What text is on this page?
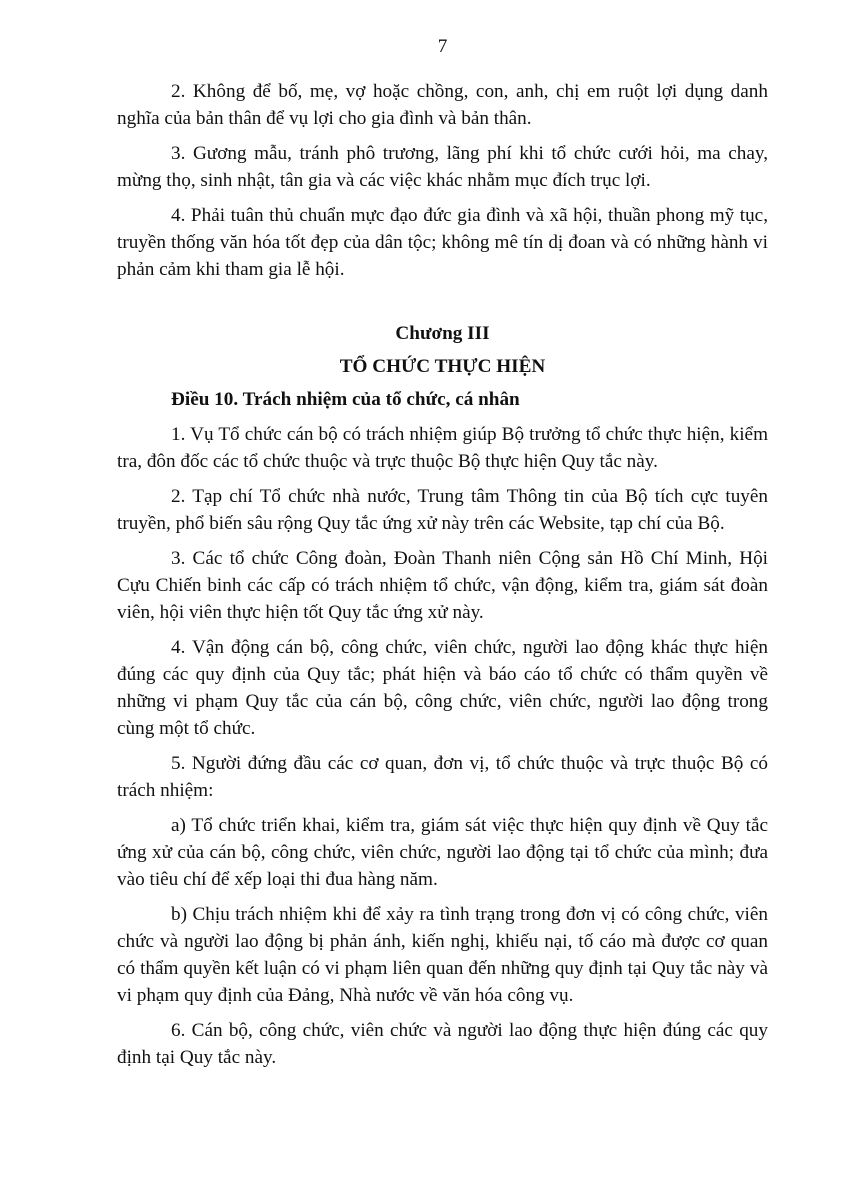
7

2. Không để bố, mẹ, vợ hoặc chồng, con, anh, chị em ruột lợi dụng danh nghĩa của bản thân để vụ lợi cho gia đình và bản thân.

3. Gương mẫu, tránh phô trương, lãng phí khi tổ chức cưới hỏi, ma chay, mừng thọ, sinh nhật, tân gia và các việc khác nhằm mục đích trục lợi.

4. Phải tuân thủ chuẩn mực đạo đức gia đình và xã hội, thuần phong mỹ tục, truyền thống văn hóa tốt đẹp của dân tộc; không mê tín dị đoan và có những hành vi phản cảm khi tham gia lễ hội.

Chương III
TỔ CHỨC THỰC HIỆN

Điều 10. Trách nhiệm của tổ chức, cá nhân

1. Vụ Tổ chức cán bộ có trách nhiệm giúp Bộ trưởng tổ chức thực hiện, kiểm tra, đôn đốc các tổ chức thuộc và trực thuộc Bộ thực hiện Quy tắc này.

2. Tạp chí Tổ chức nhà nước, Trung tâm Thông tin của Bộ tích cực tuyên truyền, phổ biến sâu rộng Quy tắc ứng xử này trên các Website, tạp chí của Bộ.

3. Các tổ chức Công đoàn, Đoàn Thanh niên Cộng sản Hồ Chí Minh, Hội Cựu Chiến binh các cấp có trách nhiệm tổ chức, vận động, kiểm tra, giám sát đoàn viên, hội viên thực hiện tốt Quy tắc ứng xử này.

4. Vận động cán bộ, công chức, viên chức, người lao động khác thực hiện đúng các quy định của Quy tắc; phát hiện và báo cáo tổ chức có thẩm quyền về những vi phạm Quy tắc của cán bộ, công chức, viên chức, người lao động trong cùng một tổ chức.

5. Người đứng đầu các cơ quan, đơn vị, tổ chức thuộc và trực thuộc Bộ có trách nhiệm:

a) Tổ chức triển khai, kiểm tra, giám sát việc thực hiện quy định về Quy tắc ứng xử của cán bộ, công chức, viên chức, người lao động tại tổ chức của mình; đưa vào tiêu chí để xếp loại thi đua hàng năm.

b) Chịu trách nhiệm khi để xảy ra tình trạng trong đơn vị có công chức, viên chức và người lao động bị phản ánh, kiến nghị, khiếu nại, tố cáo mà được cơ quan có thẩm quyền kết luận có vi phạm liên quan đến những quy định tại Quy tắc này và vi phạm quy định của Đảng, Nhà nước về văn hóa công vụ.

6. Cán bộ, công chức, viên chức và người lao động thực hiện đúng các quy định tại Quy tắc này.
